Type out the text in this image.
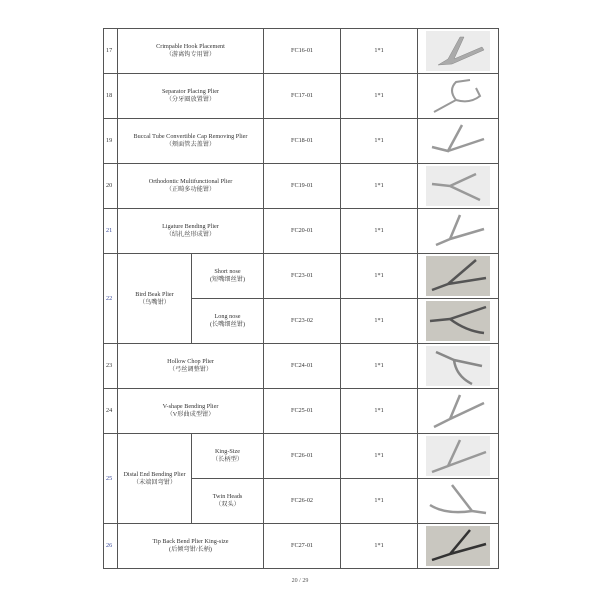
17	Crimpable Hook Placement
（游离钩专用钳）		FC16-01	1*1	

18	Separator Placing Plier
（分牙圈放置钳）		FC17-01	1*1	

19	Buccal Tube Convertible Cap Removing Plier
（颊面管去盖钳）		FC18-01	1*1	

20	Orthodontic Multifunctional Plier
（正畸多功能钳）		FC19-01	1*1	

21	Ligature Bending Plier
（结扎丝形成钳）		FC20-01	1*1	

22	Bird Beak Plier
（鸟嘴钳）	Short nose
(短嘴细丝钳)	FC23-01	1*1	

		Long nose
(长嘴细丝钳)	FC23-02	1*1	

23	Hollow Chop Plier
（弓丝调整钳）		FC24-01	1*1	

24	V-shape Bending Plier
（V形曲成型钳）		FC25-01	1*1	

25	Distal End Bending Plier
（末端回弯钳）	King-Size
（长柄型）	FC26-01	1*1	

		Twin Heads
（双头）	FC26-02	1*1	

26	Tip Back Bend Plier King-size
(后倾弯钳/长柄)		FC27-01	1*1	
20 / 29
